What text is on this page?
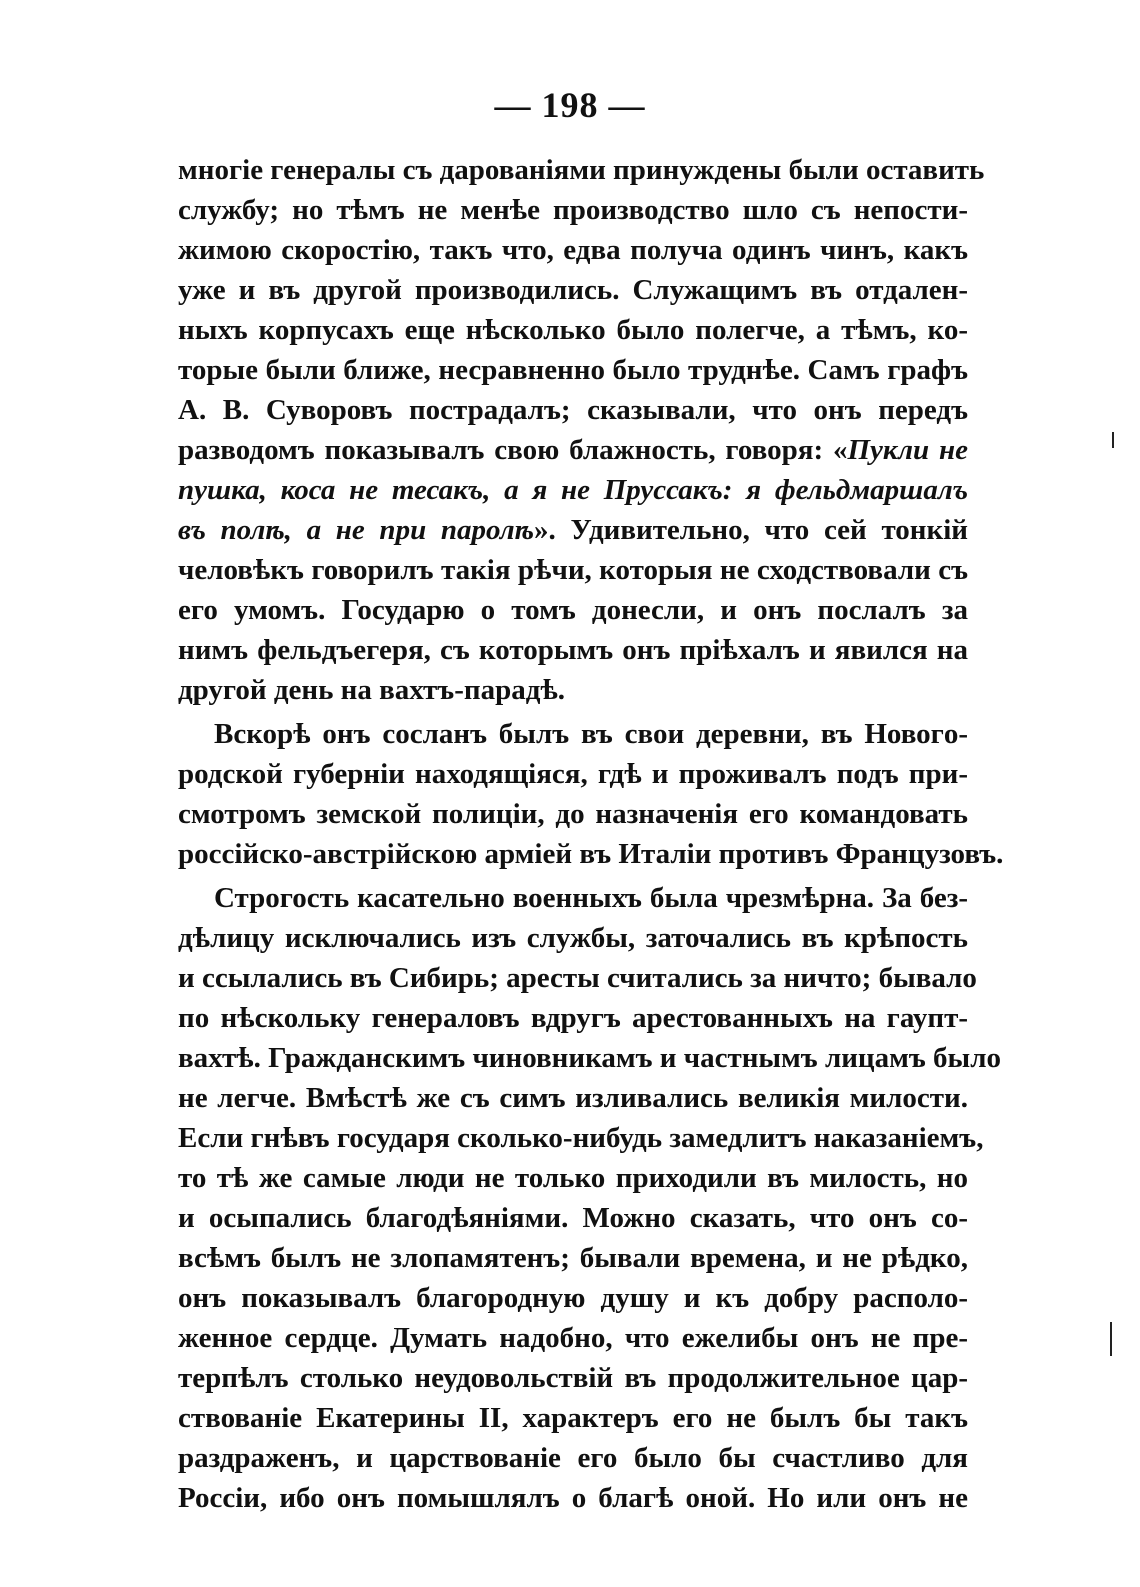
— 198 —
многіе генералы съ дарованіями принуждены были оставить
службу; но тѣмъ не менѣе производство шло съ непости-
жимою скоростію, такъ что, едва получа одинъ чинъ, какъ
уже и въ другой производились. Служащимъ въ отдален-
ныхъ корпусахъ еще нѣсколько было полегче, а тѣмъ, ко-
торые были ближе, несравненно было труднѣе. Самъ графъ
А. В. Суворовъ пострадалъ; сказывали, что онъ передъ
разводомъ показывалъ свою блажность, говоря: «Пукли не
пушка, коса не тесакъ, а я не Пруссакъ: я фельдмаршалъ
въ полѣ, а не при паролѣ». Удивительно, что сей тонкій
человѣкъ говорилъ такія рѣчи, которыя не сходствовали съ
его умомъ. Государю о томъ донесли, и онъ послалъ за
нимъ фельдъегеря, съ которымъ онъ пріѣхалъ и явился на
другой день на вахтъ-парадѣ.
Вскорѣ онъ сосланъ былъ въ свои деревни, въ Новогo-
родской губерніи находящіяся, гдѣ и проживалъ подъ при-
смотромъ земской полиціи, до назначенія его командовать
россійско-австрійскою арміей въ Италіи противъ Французовъ.
Строгость касательно военныхъ была чрезмѣрна. За без-
дѣлицу исключались изъ службы, заточались въ крѣпость
и ссылались въ Сибирь; аресты считались за ничто; бывало
по нѣскольку генераловъ вдругъ арестованныхъ на гаупт-
вахтѣ. Гражданскимъ чиновникамъ и частнымъ лицамъ было
не легче. Вмѣстѣ же съ симъ изливались великія милости.
Если гнѣвъ государя сколько-нибудь замедлитъ наказаніемъ,
то тѣ же самые люди не только приходили въ милость, но
и осыпались благодѣяніями. Можно сказать, что онъ со-
всѣмъ былъ не злопамятенъ; бывали времена, и не рѣдко,
онъ показывалъ благородную душу и къ добру располо-
женное сердце. Думать надобно, что ежелибы онъ не пре-
терпѣлъ столько неудовольствій въ продолжительное цар-
ствованіе Екатерины II, характеръ его не былъ бы такъ
раздраженъ, и царствованіе его было бы счастливо для
Россіи, ибо онъ помышлялъ о благѣ оной. Но или онъ не
